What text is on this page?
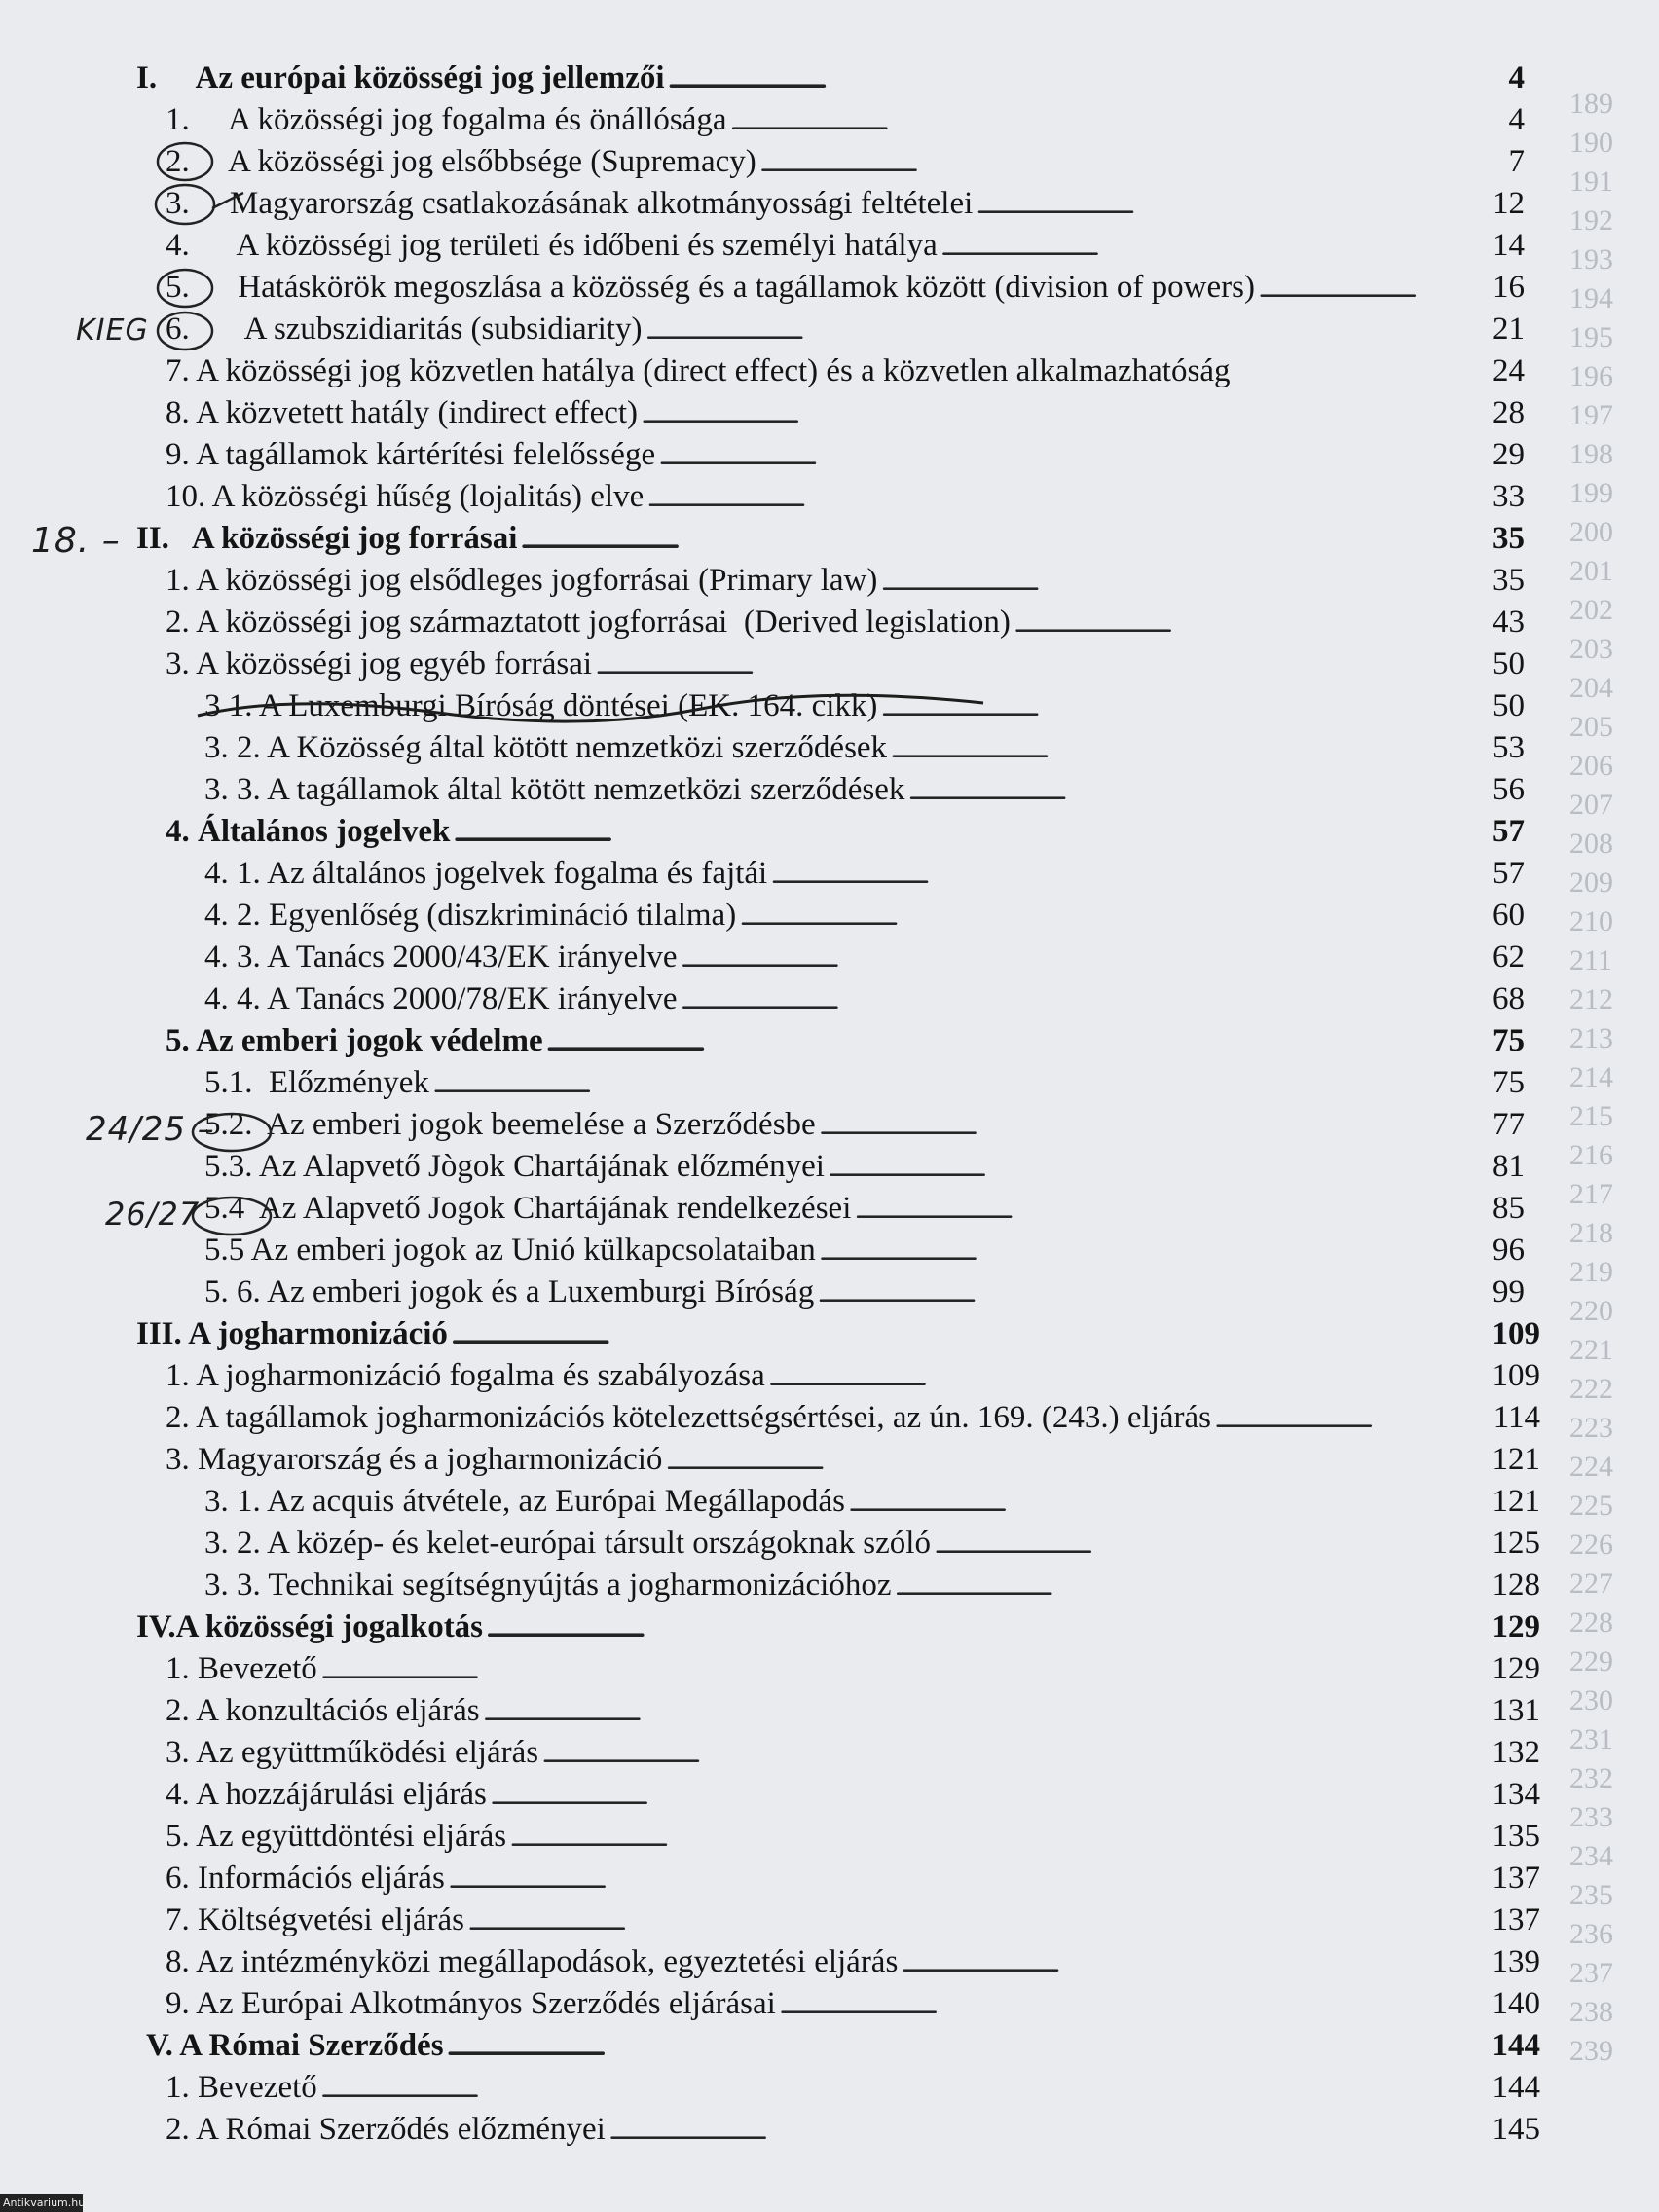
189
190
191
192
193
194
195
196
197
198
199
200
201
202
203
204
205
206
207
208
209
210
211
212
213
214
215
216
217
218
219
220
221
222
223
224
225
226
227
228
229
230
231
232
233
234
235
236
237
238
239
I.     Az európai közösségi jog jellemzői . . .	4
1.     A közösségi jog fogalma és önállósága . . .	4
2.     A közösségi jog elsőbbsége (Supremacy) . . .	7
3.     Magyarország csatlakozásának alkotmányossági feltételei . . .	12
4.      A közösségi jog területi és időbeni és személyi hatálya . . .	14
5.      Hatáskörök megoszlása a közösség és a tagállamok között (division of powers) . . .	16
6.       A szubszidiaritás (subsidiarity) . . .	21
7. A közösségi jog közvetlen hatálya (direct effect) és a közvetlen alkalmazhatóság	24
8. A közvetett hatály (indirect effect) . . .	28
9. A tagállamok kártérítési felelőssége . . .	29
10. A közösségi hűség (lojalitás) elve . . .	33
II.   A közösségi jog forrásai . . .	35
1. A közösségi jog elsődleges jogforrásai (Primary law) . . .	35
2. A közösségi jog származtatott jogforrásai  (Derived legislation) . . .	43
3. A közösségi jog egyéb forrásai . . .	50
3 1. A Luxemburgi Bíróság döntései (EK. 164. cikk) . . .	50
3. 2. A Közösség által kötött nemzetközi szerződések . . .	53
3. 3. A tagállamok által kötött nemzetközi szerződések . . .	56
4. Általános jogelvek . . .	57
4. 1. Az általános jogelvek fogalma és fajtái . . .	57
4. 2. Egyenlőség (diszkrimináció tilalma) . . .	60
4. 3. A Tanács 2000/43/EK irányelve . . .	62
4. 4. A Tanács 2000/78/EK irányelve . . .	68
5. Az emberi jogok védelme . . .	75
5.1.  Előzmények . . .	75
5.2.  Az emberi jogok beemelése a Szerződésbe . . .	77
5.3. Az Alapvető Jògok Chartájának előzményei . . .	81
5.4  Az Alapvető Jogok Chartájának rendelkezései . . .	85
5.5 Az emberi jogok az Unió külkapcsolataiban . . .	96
5. 6. Az emberi jogok és a Luxemburgi Bíróság . . .	99
III. A jogharmonizáció . . .	109
1. A jogharmonizáció fogalma és szabályozása . . .	109
2. A tagállamok jogharmonizációs kötelezettségsértései, az ún. 169. (243.) eljárás . . .	114
3. Magyarország és a jogharmonizáció . . .	121
3. 1. Az acquis átvétele, az Európai Megállapodás . . .	121
3. 2. A közép- és kelet-európai társult országoknak szóló . . .	125
3. 3. Technikai segítségnyújtás a jogharmonizációhoz . . .	128
IV.A közösségi jogalkotás . . .	129
1. Bevezető . . .	129
2. A konzultációs eljárás . . .	131
3. Az együttműködési eljárás . . .	132
4. A hozzájárulási eljárás . . .	134
5. Az együttdöntési eljárás . . .	135
6. Információs eljárás . . .	137
7. Költségvetési eljárás . . .	137
8. Az intézményközi megállapodások, egyeztetési eljárás . . .	139
9. Az Európai Alkotmányos Szerződés eljárásai . . .	140
V. A Római Szerződés . . .	144
1. Bevezető . . .	144
2. A Római Szerződés előzményei . . .	145
KIEG
18. –
24/25 –
26/27
Antikvarium.hu
